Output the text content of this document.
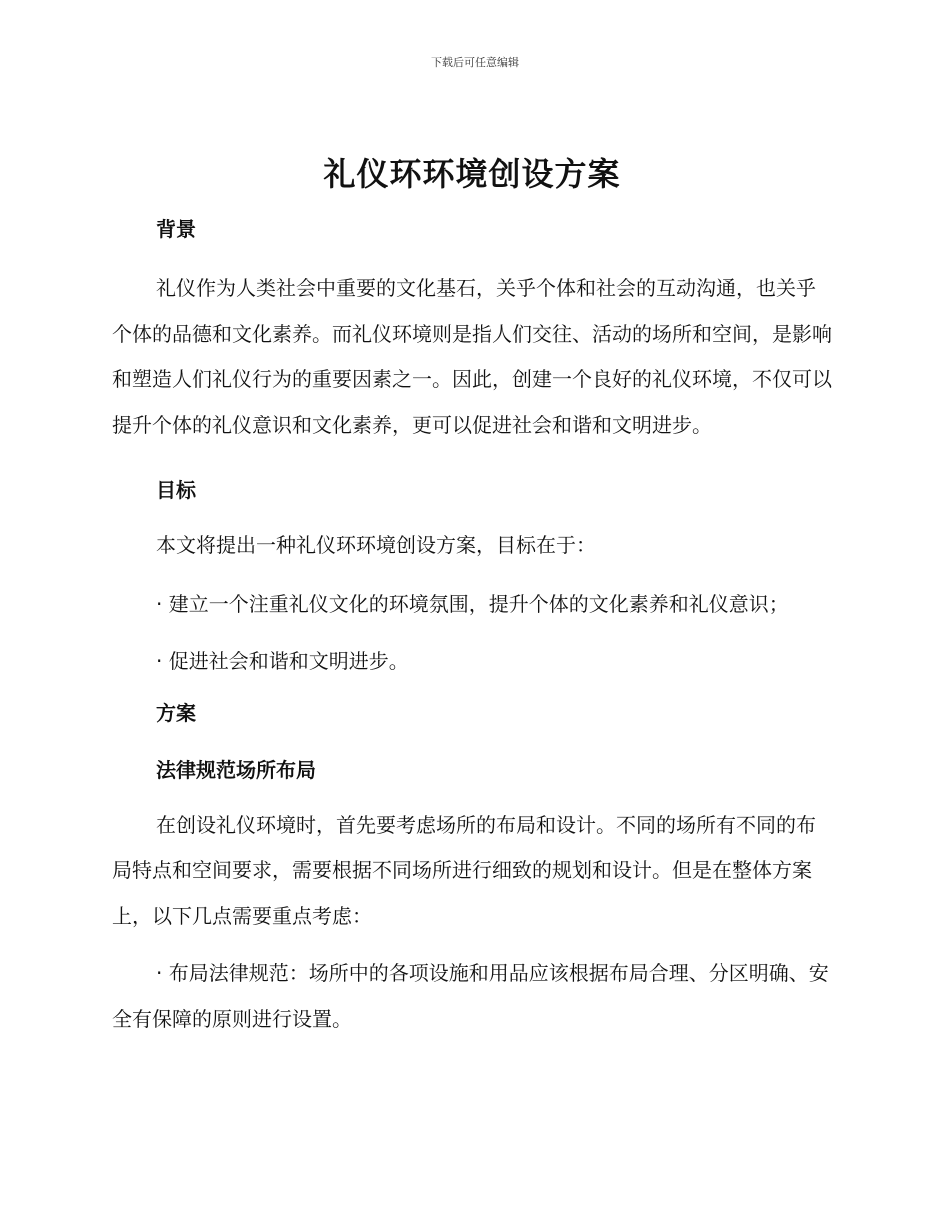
下载后可任意编辑
礼仪环环境创设方案
背景

礼仪作为人类社会中重要的文化基石，关乎个体和社会的互动沟通，也关乎个体的品德和文化素养。而礼仪环境则是指人们交往、活动的场所和空间，是影响和塑造人们礼仪行为的重要因素之一。因此，创建一个良好的礼仪环境，不仅可以提升个体的礼仪意识和文化素养，更可以促进社会和谐和文明进步。

目标

本文将提出一种礼仪环环境创设方案，目标在于：

· 建立一个注重礼仪文化的环境氛围，提升个体的文化素养和礼仪意识；

· 促进社会和谐和文明进步。

方案
法律规范场所布局

在创设礼仪环境时，首先要考虑场所的布局和设计。不同的场所有不同的布局特点和空间要求，需要根据不同场所进行细致的规划和设计。但是在整体方案上，以下几点需要重点考虑：

· 布局法律规范：场所中的各项设施和用品应该根据布局合理、分区明确、安全有保障的原则进行设置。
